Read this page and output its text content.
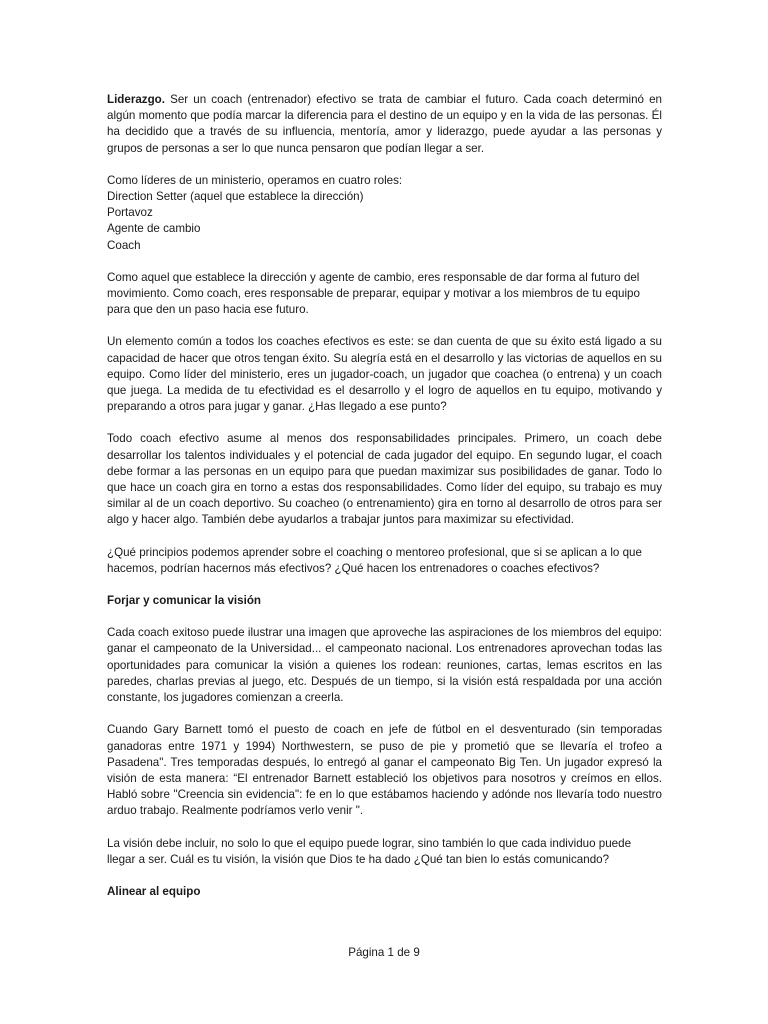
Liderazgo. Ser un coach (entrenador) efectivo se trata de cambiar el futuro. Cada coach determinó en algún momento que podía marcar la diferencia para el destino de un equipo y en la vida de las personas. Él ha decidido que a través de su influencia, mentoría, amor y liderazgo, puede ayudar a las personas y grupos de personas a ser lo que nunca pensaron que podían llegar a ser.

Como líderes de un ministerio, operamos en cuatro roles:

Direction Setter (aquel que establece la dirección)
Portavoz
Agente de cambio
Coach

Como aquel que establece la dirección y agente de cambio, eres responsable de dar forma al futuro del movimiento. Como coach, eres responsable de preparar, equipar y motivar a los miembros de tu equipo para que den un paso hacia ese futuro.

Un elemento común a todos los coaches efectivos es este: se dan cuenta de que su éxito está ligado a su capacidad de hacer que otros tengan éxito. Su alegría está en el desarrollo y las victorias de aquellos en su equipo. Como líder del ministerio, eres un jugador-coach, un jugador que coachea (o entrena) y un coach que juega. La medida de tu efectividad es el desarrollo y el logro de aquellos en tu equipo, motivando y preparando a otros para jugar y ganar. ¿Has llegado a ese punto?

Todo coach efectivo asume al menos dos responsabilidades principales. Primero, un coach debe desarrollar los talentos individuales y el potencial de cada jugador del equipo. En segundo lugar, el coach debe formar a las personas en un equipo para que puedan maximizar sus posibilidades de ganar. Todo lo que hace un coach gira en torno a estas dos responsabilidades. Como líder del equipo, su trabajo es muy similar al de un coach deportivo. Su coacheo (o entrenamiento) gira en torno al desarrollo de otros para ser algo y hacer algo. También debe ayudarlos a trabajar juntos para maximizar su efectividad.

¿Qué principios podemos aprender sobre el coaching o mentoreo profesional, que si se aplican a lo que hacemos, podrían hacernos más efectivos? ¿Qué hacen los entrenadores o coaches efectivos?

Forjar y comunicar la visión

Cada coach exitoso puede ilustrar una imagen que aproveche las aspiraciones de los miembros del equipo: ganar el campeonato de la Universidad... el campeonato nacional. Los entrenadores aprovechan todas las oportunidades para comunicar la visión a quienes los rodean: reuniones, cartas, lemas escritos en las paredes, charlas previas al juego, etc. Después de un tiempo, si la visión está respaldada por una acción constante, los jugadores comienzan a creerla.

Cuando Gary Barnett tomó el puesto de coach en jefe de fútbol en el desventurado (sin temporadas ganadoras entre 1971 y 1994) Northwestern, se puso de pie y prometió que se llevaría el trofeo a Pasadena". Tres temporadas después, lo entregó al ganar el campeonato Big Ten. Un jugador expresó la visión de esta manera: “El entrenador Barnett estableció los objetivos para nosotros y creímos en ellos. Habló sobre "Creencia sin evidencia": fe en lo que estábamos haciendo y adónde nos llevaría todo nuestro arduo trabajo. Realmente podríamos verlo venir ".

La visión debe incluir, no solo lo que el equipo puede lograr, sino también lo que cada individuo puede llegar a ser. Cuál es tu visión, la visión que Dios te ha dado ¿Qué tan bien lo estás comunicando?

Alinear al equipo

Página 1 de 9
